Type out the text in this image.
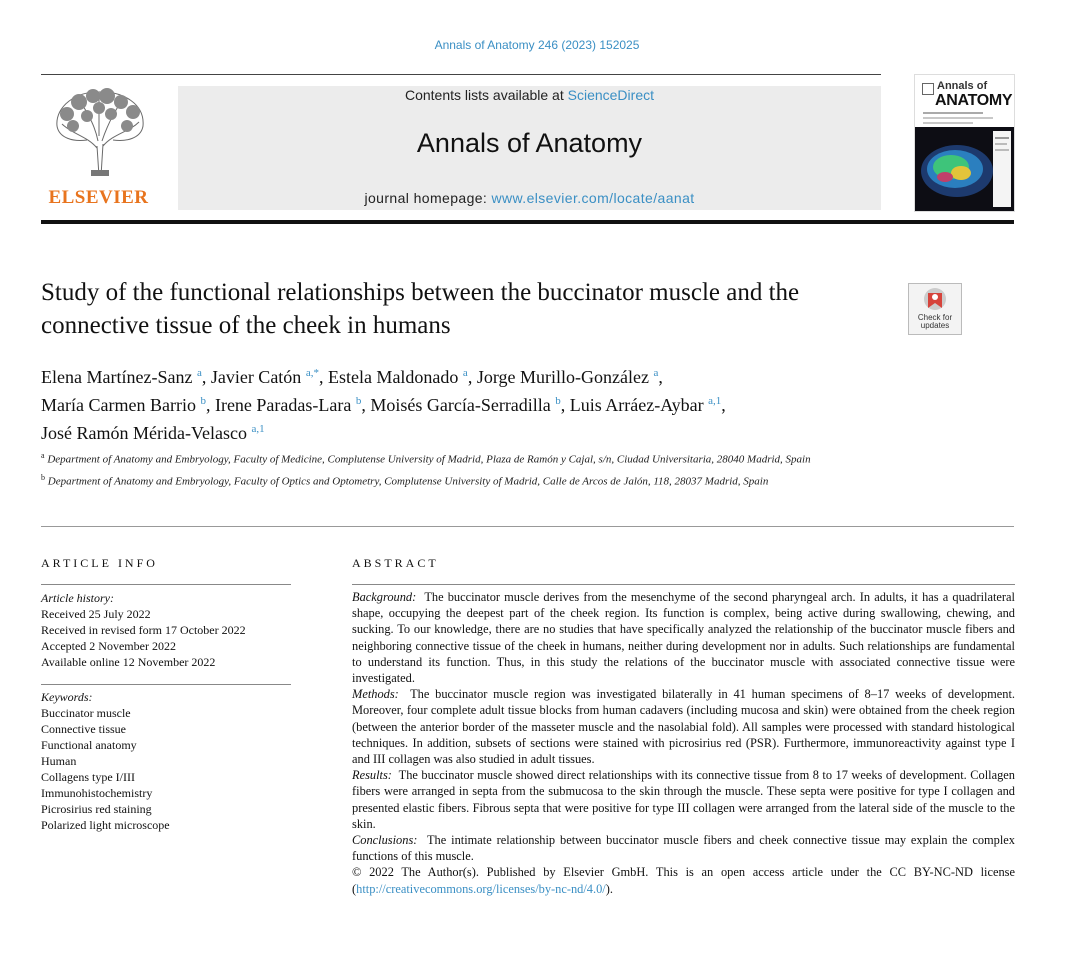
Annals of Anatomy 246 (2023) 152025
ELSEVIER
Contents lists available at ScienceDirect
Annals of Anatomy
journal homepage: www.elsevier.com/locate/aanat
Annals of
ANATOMY
Study of the functional relationships between the buccinator muscle and the connective tissue of the cheek in humans	Check for
updates
Elena Martínez-Sanz $^a$, Javier Catón $^{a,*}$, Estela Maldonado $^a$, Jorge Murillo-González $^a$,
María Carmen Barrio $^b$, Irene Paradas-Lara $^b$, Moisés García-Serradilla $^b$, Luis Arráez-Aybar $^{a,1}$,
José Ramón Mérida-Velasco $^{a,1}$
$^a$ Department of Anatomy and Embryology, Faculty of Medicine, Complutense University of Madrid, Plaza de Ramón y Cajal, s/n, Ciudad Universitaria, 28040 Madrid, Spain
$^b$ Department of Anatomy and Embryology, Faculty of Optics and Optometry, Complutense University of Madrid, Calle de Arcos de Jalón, 118, 28037 Madrid, Spain
ARTICLE INFO
Article history:
Received 25 July 2022
Received in revised form 17 October 2022
Accepted 2 November 2022
Available online 12 November 2022
Keywords:
Buccinator muscle
Connective tissue
Functional anatomy
Human
Collagens type I/III
Immunohistochemistry
Picrosirius red staining
Polarized light microscope
ABSTRACT

Background: The buccinator muscle derives from the mesenchyme of the second pharyngeal arch. In adults, it has a quadrilateral shape, occupying the deepest part of the cheek region. Its function is complex, being active during swallowing, chewing, and sucking. To our knowledge, there are no studies that have specifically analyzed the relationship of the buccinator muscle fibers and neighboring connective tissue of the cheek in humans, neither during development nor in adults. Such relationships are fundamental to understand its function. Thus, in this study the relations of the buccinator muscle with associated connective tissue were investigated.

Methods: The buccinator muscle region was investigated bilaterally in 41 human specimens of 8–17 weeks of development. Moreover, four complete adult tissue blocks from human cadavers (including mucosa and skin) were obtained from the cheek region (between the anterior border of the masseter muscle and the nasolabial fold). All samples were processed with standard histological techniques. In addition, subsets of sections were stained with picrosirius red (PSR). Furthermore, immunoreactivity against type I and III collagen was also studied in adult tissues.

Results: The buccinator muscle showed direct relationships with its connective tissue from 8 to 17 weeks of development. Collagen fibers were arranged in septa from the submucosa to the skin through the muscle. These septa were positive for type I collagen and presented elastic fibers. Fibrous septa that were positive for type III collagen were arranged from the lateral side of the muscle to the skin.

Conclusions: The intimate relationship between buccinator muscle fibers and cheek connective tissue may explain the complex functions of this muscle.

© 2022 The Author(s). Published by Elsevier GmbH. This is an open access article under the CC BY-NC-ND license (http://creativecommons.org/licenses/by-nc-nd/4.0/).
